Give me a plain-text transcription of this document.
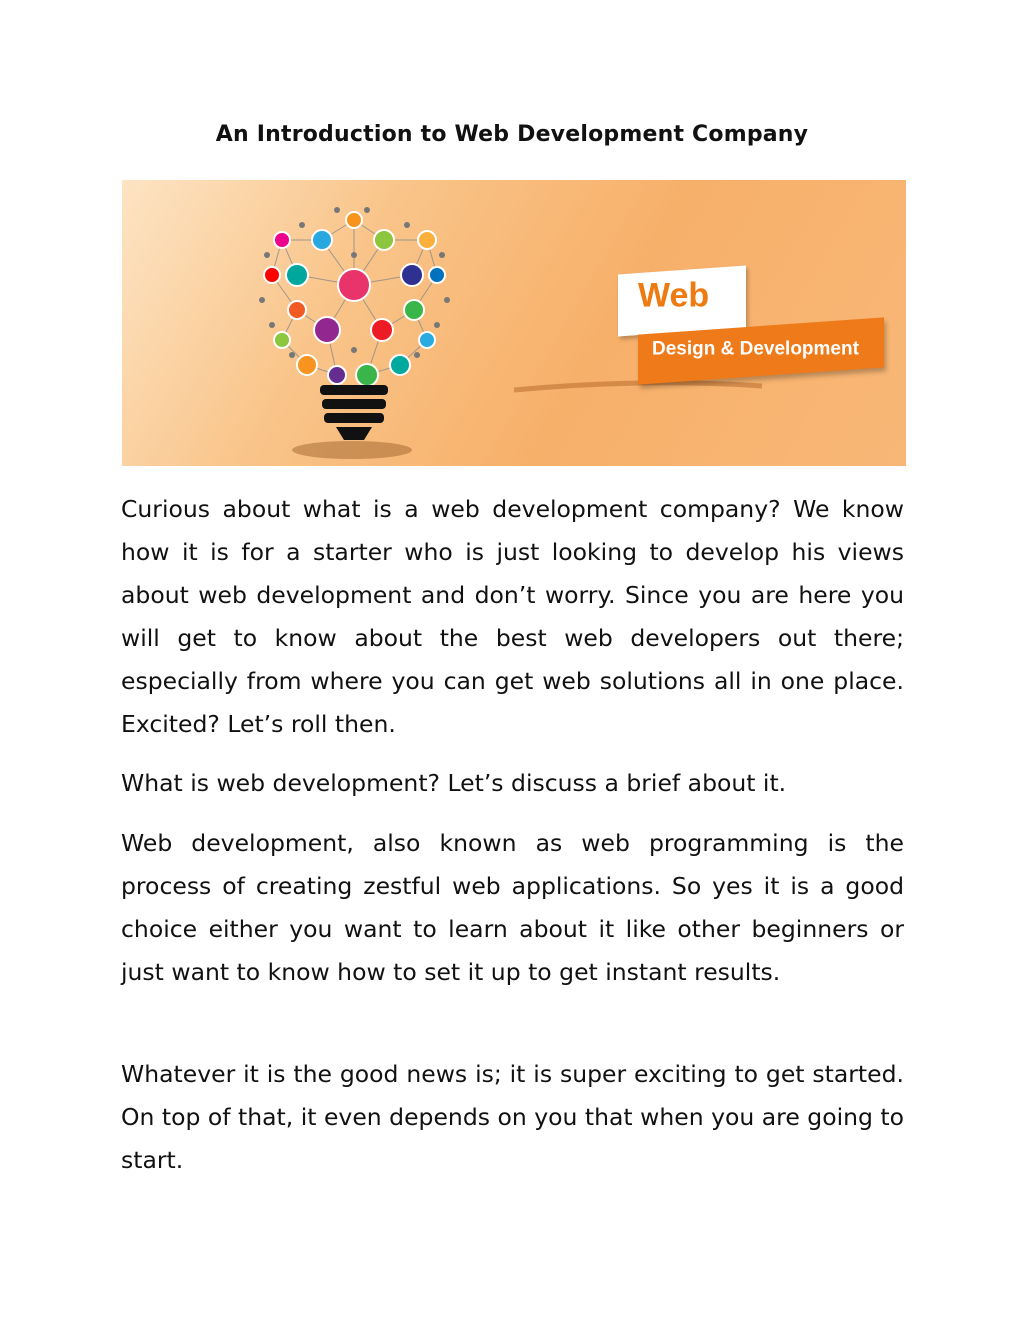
An Introduction to Web Development Company
Web
Design & Development

Curious about what is a web development company? We know how it is for a starter who is just looking to develop his views about web development and don’t worry. Since you are here you will get to know about the best web developers out there; especially from where you can get web solutions all in one place. Excited? Let’s roll then.

What is web development? Let’s discuss a brief about it.

Web development, also known as web programming is the process of creating zestful web applications. So yes it is a good choice either you want to learn about it like other beginners or just want to know how to set it up to get instant results.

Whatever it is the good news is; it is super exciting to get started. On top of that, it even depends on you that when you are going to start.
